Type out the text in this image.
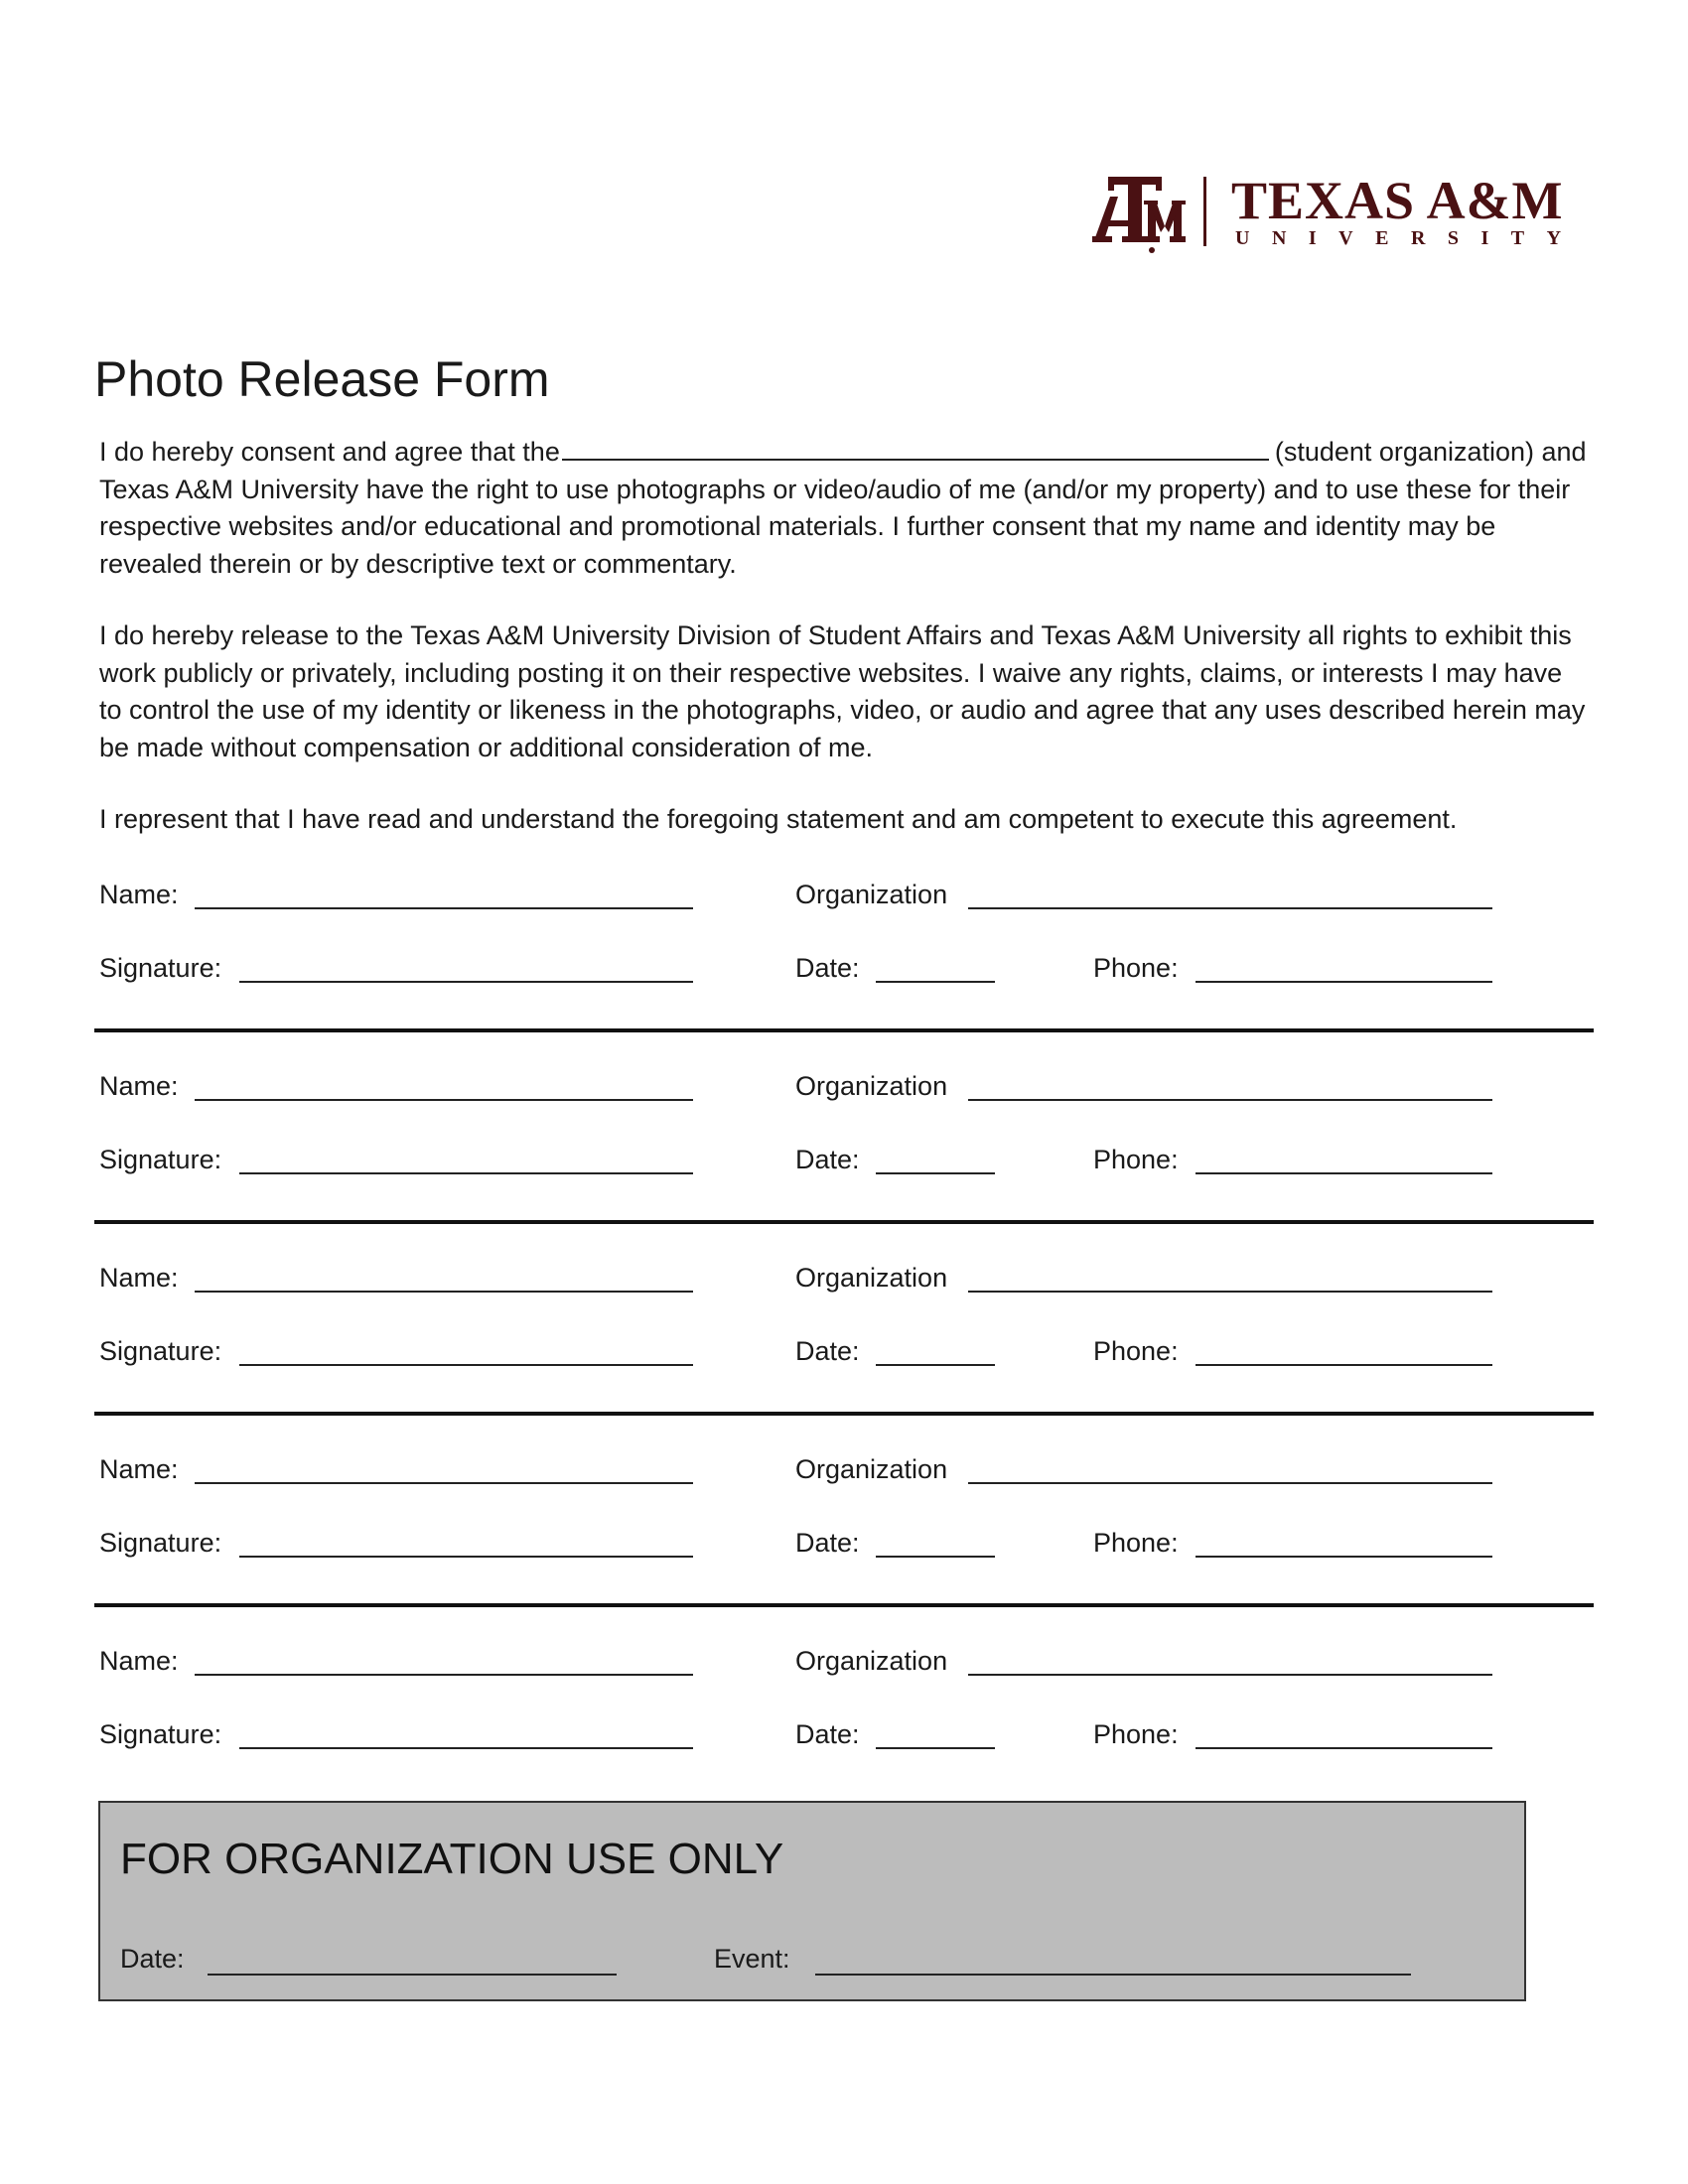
TEXAS A&M
UNIVERSITY
Photo Release Form

I do hereby consent and agree that the	(student organization) and Texas A&M University have the right to use photographs or video/audio of me (and/or my property) and to use these for their respective websites and/or educational and promotional materials. I further consent that my name and identity may be revealed therein or by descriptive text or commentary.

I do hereby release to the Texas A&M University Division of Student Affairs and Texas A&M University all rights to exhibit this work publicly or privately, including posting it on their respective websites. I waive any rights, claims, or interests I may have to control the use of my identity or likeness in the photographs, video, or audio and agree that any uses described herein may be made without compensation or additional consideration of me.

I represent that I have read and understand the foregoing statement and am competent to execute this agreement.

Name:	Organization
Signature:	Date:	Phone:
Name:	Organization
Signature:	Date:	Phone:
Name:	Organization
Signature:	Date:	Phone:
Name:	Organization
Signature:	Date:	Phone:
Name:	Organization
Signature:	Date:	Phone:
FOR ORGANIZATION USE ONLY
Date:	Event:
